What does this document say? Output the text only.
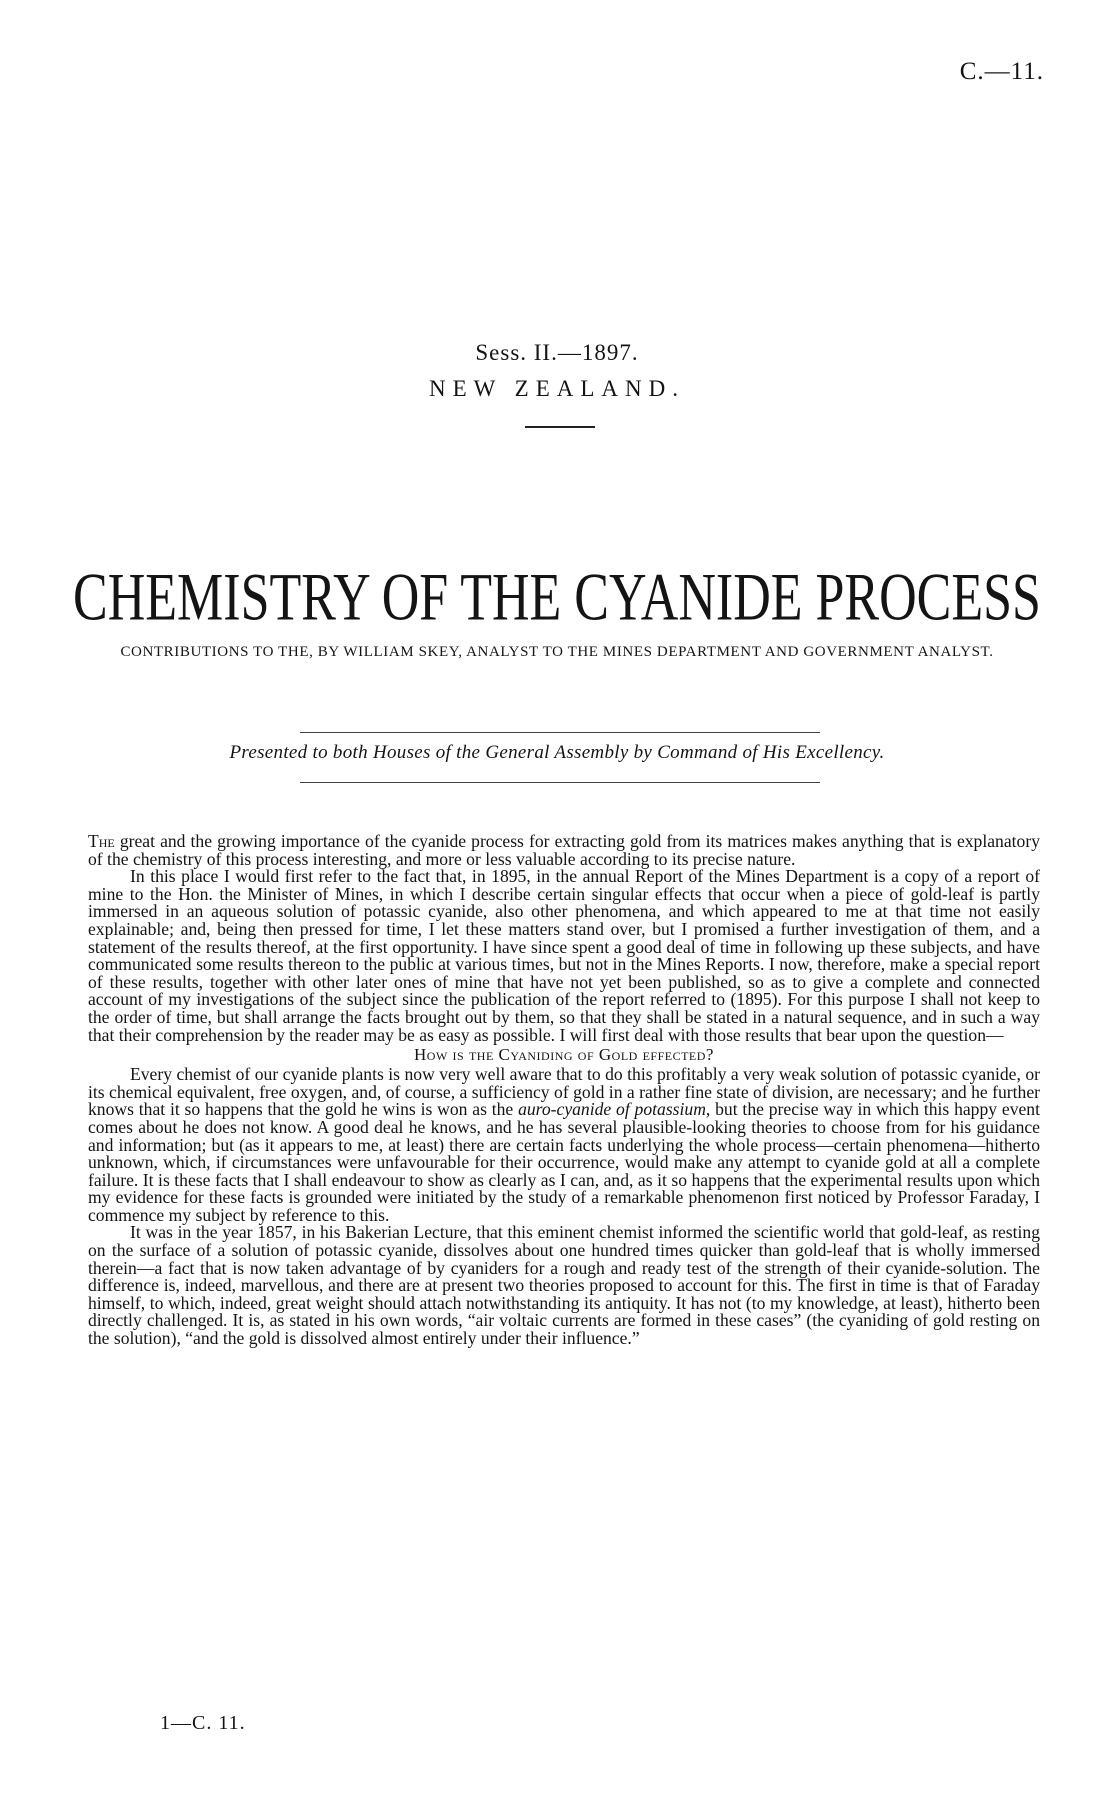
C.—11.
Sess. II.—1897.
NEW ZEALAND.
CHEMISTRY OF THE CYANIDE PROCESS
CONTRIBUTIONS TO THE, BY WILLIAM SKEY, ANALYST TO THE MINES DEPARTMENT AND GOVERNMENT ANALYST.
Presented to both Houses of the General Assembly by Command of His Excellency.

The great and the growing importance of the cyanide process for extracting gold from its matrices makes anything that is explanatory of the chemistry of this process interesting, and more or less valuable according to its precise nature.

In this place I would first refer to the fact that, in 1895, in the annual Report of the Mines Department is a copy of a report of mine to the Hon. the Minister of Mines, in which I describe certain singular effects that occur when a piece of gold-leaf is partly immersed in an aqueous solution of potassic cyanide, also other phenomena, and which appeared to me at that time not easily explainable; and, being then pressed for time, I let these matters stand over, but I promised a further investigation of them, and a statement of the results thereof, at the first opportunity. I have since spent a good deal of time in following up these subjects, and have communicated some results thereon to the public at various times, but not in the Mines Reports. I now, therefore, make a special report of these results, together with other later ones of mine that have not yet been published, so as to give a complete and connected account of my investigations of the subject since the publication of the report referred to (1895). For this purpose I shall not keep to the order of time, but shall arrange the facts brought out by them, so that they shall be stated in a natural sequence, and in such a way that their comprehension by the reader may be as easy as possible. I will first deal with those results that bear upon the question—

How is the Cyaniding of Gold effected?

Every chemist of our cyanide plants is now very well aware that to do this profitably a very weak solution of potassic cyanide, or its chemical equivalent, free oxygen, and, of course, a sufficiency of gold in a rather fine state of division, are necessary; and he further knows that it so happens that the gold he wins is won as the auro-cyanide of potassium, but the precise way in which this happy event comes about he does not know. A good deal he knows, and he has several plausible-looking theories to choose from for his guidance and information; but (as it appears to me, at least) there are certain facts underlying the whole process—certain phenomena—hitherto unknown, which, if circumstances were unfavourable for their occurrence, would make any attempt to cyanide gold at all a complete failure. It is these facts that I shall endeavour to show as clearly as I can, and, as it so happens that the experimental results upon which my evidence for these facts is grounded were initiated by the study of a remarkable phenomenon first noticed by Professor Faraday, I commence my subject by reference to this.

It was in the year 1857, in his Bakerian Lecture, that this eminent chemist informed the scientific world that gold-leaf, as resting on the surface of a solution of potassic cyanide, dissolves about one hundred times quicker than gold-leaf that is wholly immersed therein—a fact that is now taken advantage of by cyaniders for a rough and ready test of the strength of their cyanide-solution. The difference is, indeed, marvellous, and there are at present two theories proposed to account for this. The first in time is that of Faraday himself, to which, indeed, great weight should attach notwithstanding its antiquity. It has not (to my knowledge, at least), hitherto been directly challenged. It is, as stated in his own words, “air voltaic currents are formed in these cases” (the cyaniding of gold resting on the solution), “and the gold is dissolved almost entirely under their influence.”

1—C. 11.
